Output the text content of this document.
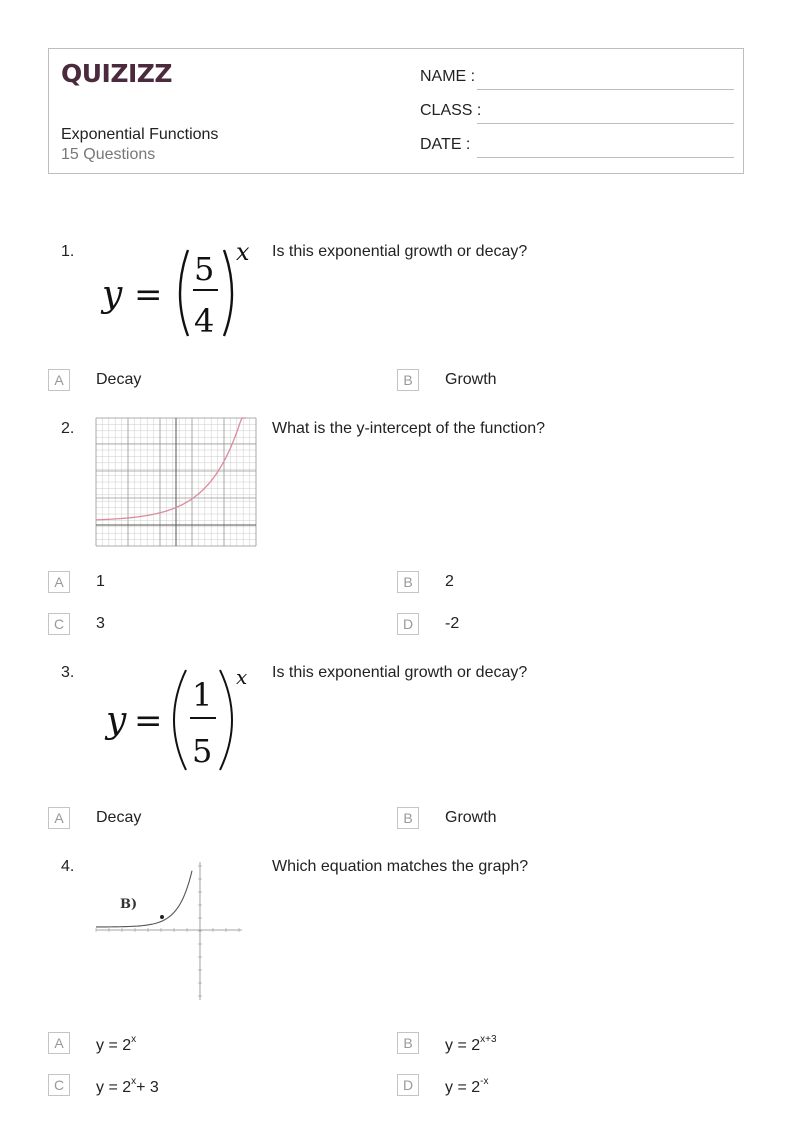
QUIZIZZ
Exponential Functions
15 Questions
NAME :
CLASS :
DATE :
1.
y =
5
4
x Is this exponential growth or decay?
A	Decay	B	Growth
2.	What is the y-intercept of the function?
A	1	B	2
C	3	D	-2
3.
y =
1
5
x Is this exponential growth or decay?
A	Decay	B	Growth
4.
B)
Which equation matches the graph?
A	$y = 2^x$	B	$y = 2^{x+3}$
C	$y = 2^x+ 3$	D	$y = 2^{-x}$
